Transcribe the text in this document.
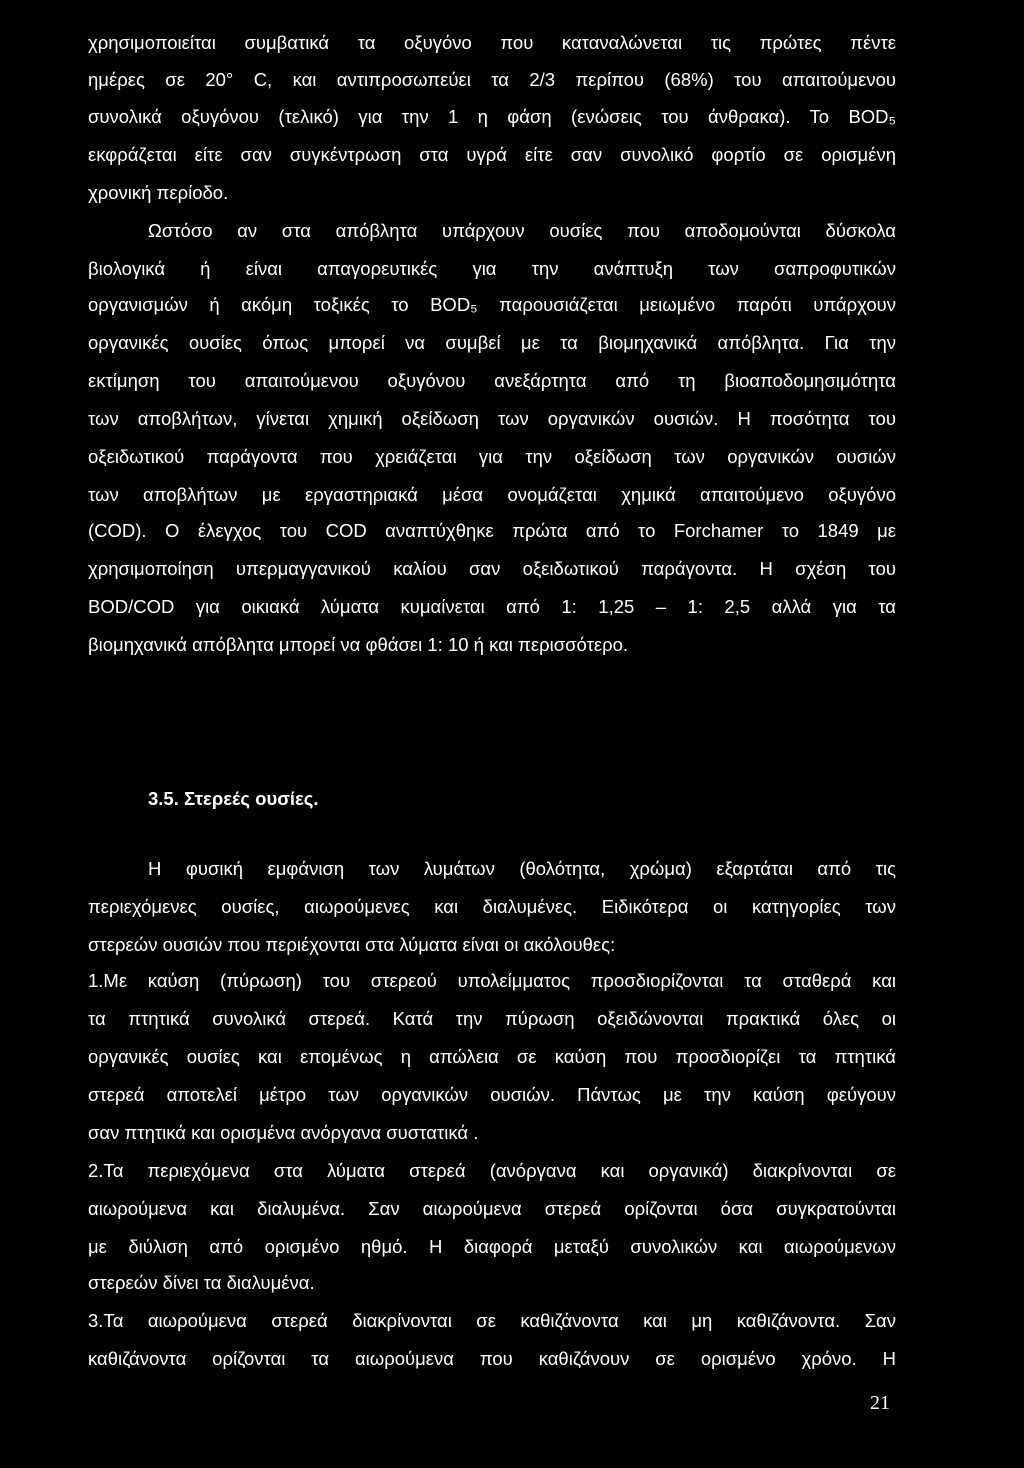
χρησιμοποιείται συμβατικά τα οξυγόνο που καταναλώνεται τις πρώτες πέντε
ημέρες σε 20° C, και αντιπροσωπεύει τα 2/3 περίπου (68%) του απαιτούμενου
συνολικά οξυγόνου (τελικό) για την 1 η φάση (ενώσεις του άνθρακα). Το BOD₅
εκφράζεται είτε σαν συγκέντρωση στα υγρά είτε σαν συνολικό φορτίο σε ορισμένη
χρονική περίοδο.
Ωστόσο αν στα απόβλητα υπάρχουν ουσίες που αποδομούνται δύσκολα
βιολογικά ή είναι απαγορευτικές για την ανάπτυξη των σαπροφυτικών
οργανισμών ή ακόμη τοξικές το BOD₅ παρουσιάζεται μειωμένο παρότι υπάρχουν
οργανικές ουσίες όπως μπορεί να συμβεί με τα βιομηχανικά απόβλητα. Για την
εκτίμηση του απαιτούμενου οξυγόνου ανεξάρτητα από τη βιοαποδομησιμότητα
των αποβλήτων, γίνεται χημική οξείδωση των οργανικών ουσιών. Η ποσότητα του
οξειδωτικού παράγοντα που χρειάζεται για την οξείδωση των οργανικών ουσιών
των αποβλήτων με εργαστηριακά μέσα ονομάζεται χημικά απαιτούμενο οξυγόνο
(COD). Ο έλεγχος του COD αναπτύχθηκε πρώτα από το Forchamer το 1849 με
χρησιμοποίηση υπερμαγγανικού καλίου σαν οξειδωτικού παράγοντα. Η σχέση του
BOD/COD για οικιακά λύματα κυμαίνεται από 1: 1,25 – 1: 2,5 αλλά για τα
βιομηχανικά απόβλητα μπορεί να φθάσει 1: 10 ή και περισσότερο.
3.5. Στερεές ουσίες.
Η φυσική εμφάνιση των λυμάτων (θολότητα, χρώμα) εξαρτάται από τις
περιεχόμενες ουσίες, αιωρούμενες και διαλυμένες. Ειδικότερα οι κατηγορίες των
στερεών ουσιών που περιέχονται στα λύματα είναι οι ακόλουθες:
1.Με καύση (πύρωση) του στερεού υπολείμματος προσδιορίζονται τα σταθερά και
τα πτητικά συνολικά στερεά. Κατά την πύρωση οξειδώνονται πρακτικά όλες οι
οργανικές ουσίες και επομένως η απώλεια σε καύση που προσδιορίζει τα πτητικά
στερεά αποτελεί μέτρο των οργανικών ουσιών. Πάντως με την καύση φεύγουν
σαν πτητικά και ορισμένα ανόργανα συστατικά .
2.Τα περιεχόμενα στα λύματα στερεά (ανόργανα και οργανικά) διακρίνονται σε
αιωρούμενα και διαλυμένα. Σαν αιωρούμενα στερεά ορίζονται όσα συγκρατούνται
με διύλιση από ορισμένο ηθμό. Η διαφορά μεταξύ συνολικών και αιωρούμενων
στερεών δίνει τα διαλυμένα.
3.Τα αιωρούμενα στερεά διακρίνονται σε καθιζάνοντα και μη καθιζάνοντα. Σαν
καθιζάνοντα ορίζονται τα αιωρούμενα που καθιζάνουν σε ορισμένο χρόνο. Η
21
